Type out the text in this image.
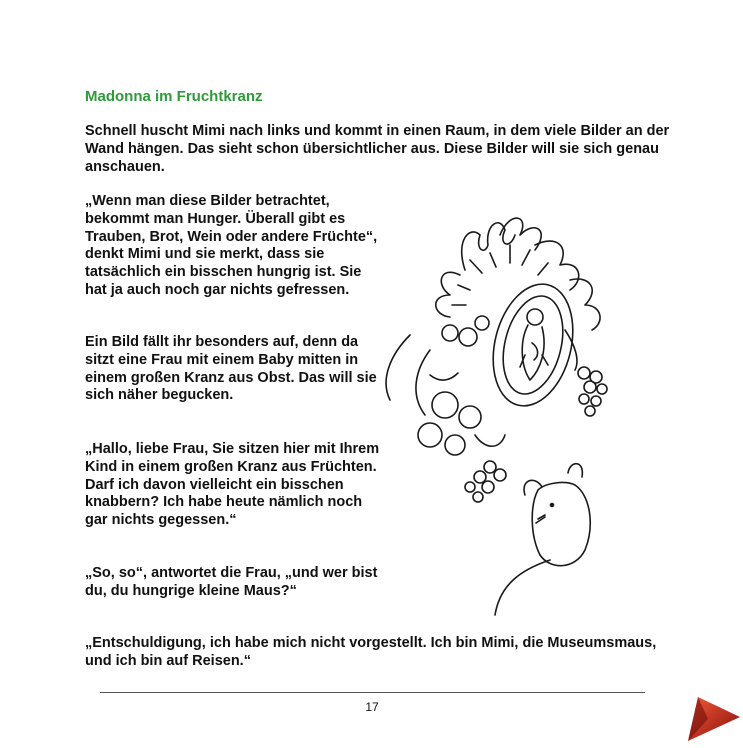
Madonna im Fruchtkranz

Schnell huscht Mimi nach links und kommt in einen Raum, in dem viele Bilder an der Wand hängen. Das sieht schon übersichtlicher aus. Diese Bilder will sie sich genau anschauen.

„Wenn man diese Bilder betrachtet, bekommt man Hunger. Überall gibt es Trauben, Brot, Wein oder andere Früchte“, denkt Mimi und sie merkt, dass sie tatsächlich ein bisschen hungrig ist. Sie hat ja auch noch gar nichts gefressen.

Ein Bild fällt ihr besonders auf, denn da sitzt eine Frau mit einem Baby mitten in einem großen Kranz aus Obst. Das will sie sich näher begucken.

„Hallo, liebe Frau, Sie sitzen hier mit Ihrem Kind in einem großen Kranz aus Früchten. Darf ich davon vielleicht ein bisschen knabbern? Ich habe heute nämlich noch gar nichts gegessen.“

„So, so“, antwortet die Frau, „und wer bist du, du hungrige kleine Maus?“

„Entschuldigung, ich habe mich nicht vorgestellt. Ich bin Mimi, die Museumsmaus, und ich bin auf Reisen.“

17
